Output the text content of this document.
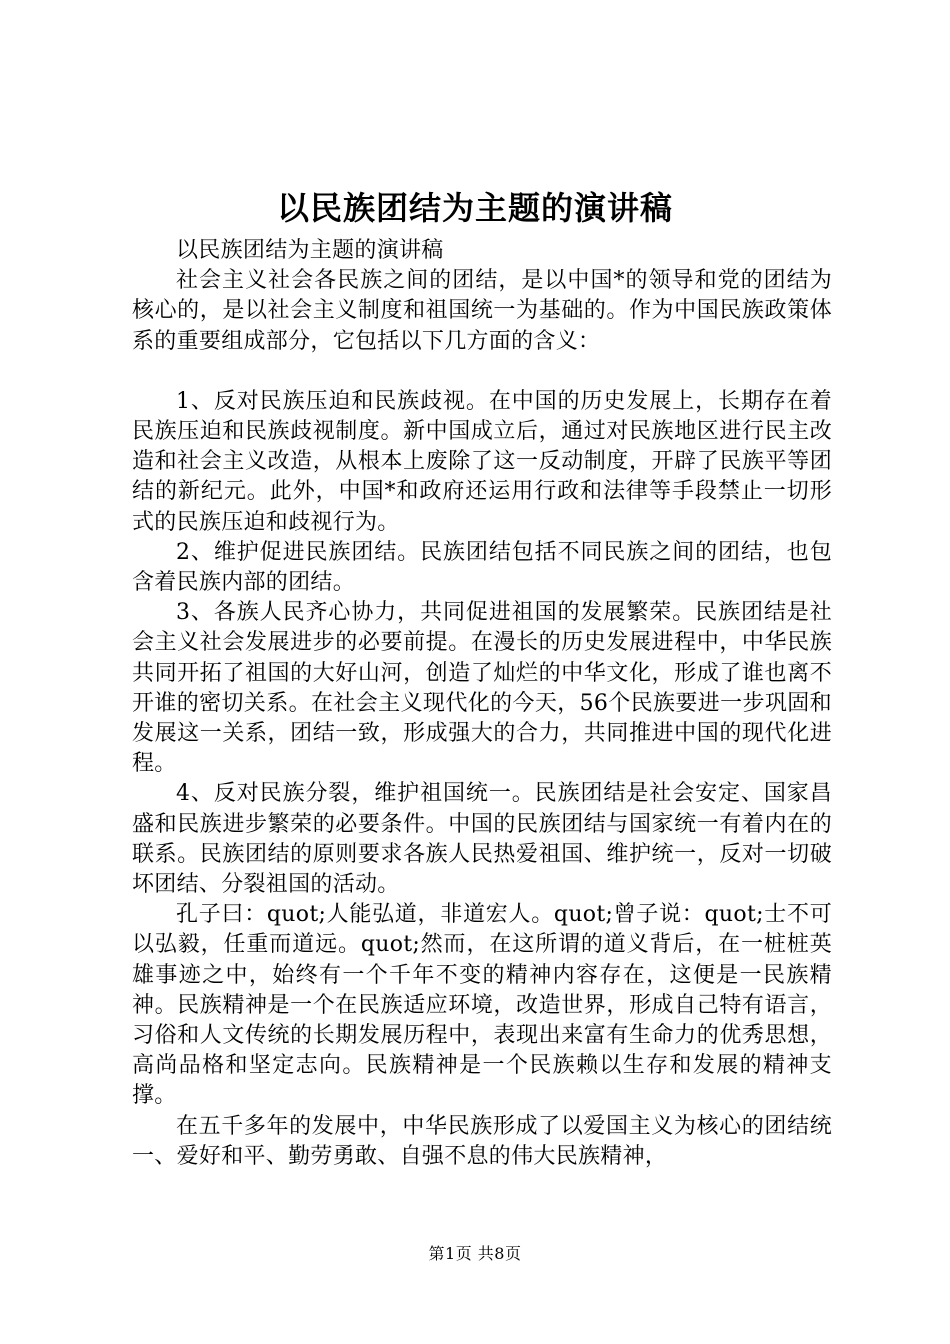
以民族团结为主题的演讲稿

以民族团结为主题的演讲稿

社会主义社会各民族之间的团结，是以中国*的领导和党的团结为核心的，是以社会主义制度和祖国统一为基础的。作为中国民族政策体系的重要组成部分，它包括以下几方面的含义：

1、反对民族压迫和民族歧视。在中国的历史发展上，长期存在着民族压迫和民族歧视制度。新中国成立后，通过对民族地区进行民主改造和社会主义改造，从根本上废除了这一反动制度，开辟了民族平等团结的新纪元。此外，中国*和政府还运用行政和法律等手段禁止一切形式的民族压迫和歧视行为。

2、维护促进民族团结。民族团结包括不同民族之间的团结，也包含着民族内部的团结。

3、各族人民齐心协力，共同促进祖国的发展繁荣。民族团结是社会主义社会发展进步的必要前提。在漫长的历史发展进程中，中华民族共同开拓了祖国的大好山河，创造了灿烂的中华文化，形成了谁也离不开谁的密切关系。在社会主义现代化的今天，56个民族要进一步巩固和发展这一关系，团结一致，形成强大的合力，共同推进中国的现代化进程。

4、反对民族分裂，维护祖国统一。民族团结是社会安定、国家昌盛和民族进步繁荣的必要条件。中国的民族团结与国家统一有着内在的联系。民族团结的原则要求各族人民热爱祖国、维护统一，反对一切破坏团结、分裂祖国的活动。

孔子曰：quot;人能弘道，非道宏人。quot;曾子说：quot;士不可以弘毅，任重而道远。quot;然而，在这所谓的道义背后，在一桩桩英雄事迹之中，始终有一个千年不变的精神内容存在，这便是一民族精神。民族精神是一个在民族适应环境，改造世界，形成自己特有语言，习俗和人文传统的长期发展历程中，表现出来富有生命力的优秀思想，高尚品格和坚定志向。民族精神是一个民族赖以生存和发展的精神支撑。

在五千多年的发展中，中华民族形成了以爱国主义为核心的团结统一、爱好和平、勤劳勇敢、自强不息的伟大民族精神，

第1页 共8页
